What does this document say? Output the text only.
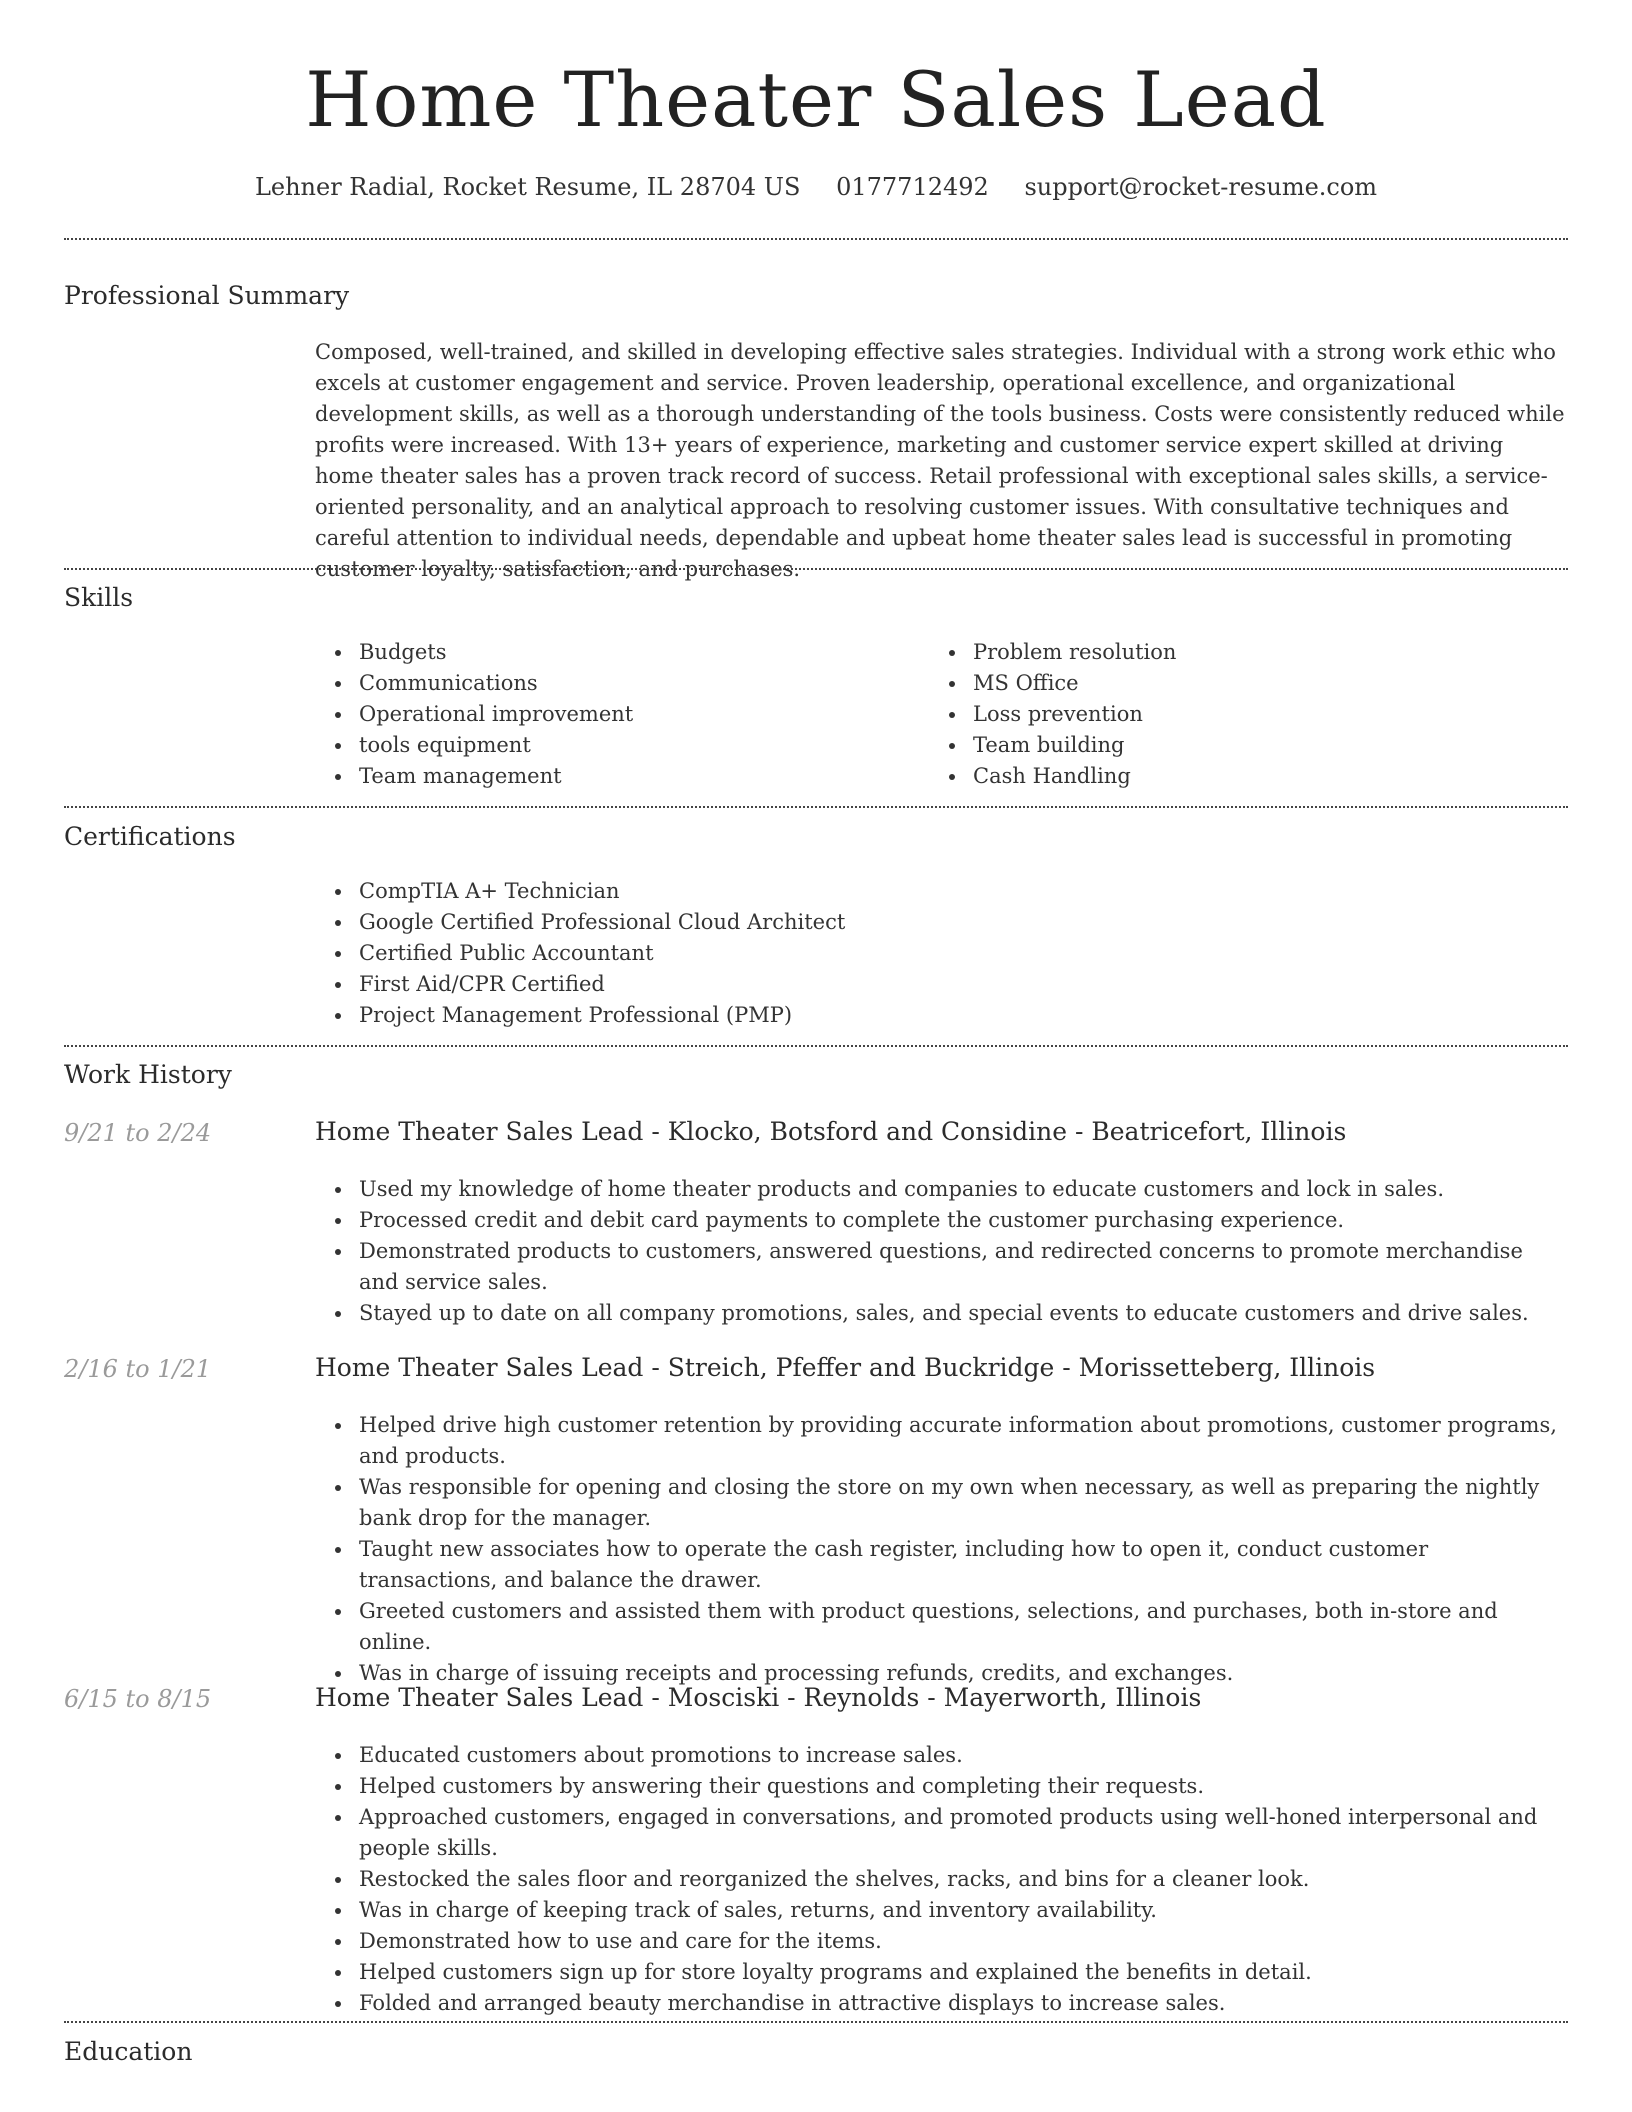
Home Theater Sales Lead
Lehner Radial, Rocket Resume, IL 28704 US 0177712492 support@rocket-resume.com
Professional Summary
Composed, well-trained, and skilled in developing effective sales strategies. Individual with a strong work ethic who excels at customer engagement and service. Proven leadership, operational excellence, and organizational development skills, as well as a thorough understanding of the tools business. Costs were consistently reduced while profits were increased. With 13+ years of experience, marketing and customer service expert skilled at driving home theater sales has a proven track record of success. Retail professional with exceptional sales skills, a service-oriented personality, and an analytical approach to resolving customer issues. With consultative techniques and careful attention to individual needs, dependable and upbeat home theater sales lead is successful in promoting customer loyalty, satisfaction, and purchases.
Skills
Budgets
Communications
Operational improvement
tools equipment
Team management
Problem resolution
MS Office
Loss prevention
Team building
Cash Handling
Certifications
CompTIA A+ Technician
Google Certified Professional Cloud Architect
Certified Public Accountant
First Aid/CPR Certified
Project Management Professional (PMP)
Work History
9/21 to 2/24	Home Theater Sales Lead - Klocko, Botsford and Considine - Beatricefort, Illinois
Used my knowledge of home theater products and companies to educate customers and lock in sales.
Processed credit and debit card payments to complete the customer purchasing experience.
Demonstrated products to customers, answered questions, and redirected concerns to promote merchandise and service sales.
Stayed up to date on all company promotions, sales, and special events to educate customers and drive sales.
2/16 to 1/21	Home Theater Sales Lead - Streich, Pfeffer and Buckridge - Morissetteberg, Illinois
Helped drive high customer retention by providing accurate information about promotions, customer programs, and products.
Was responsible for opening and closing the store on my own when necessary, as well as preparing the nightly bank drop for the manager.
Taught new associates how to operate the cash register, including how to open it, conduct customer transactions, and balance the drawer.
Greeted customers and assisted them with product questions, selections, and purchases, both in-store and online.
Was in charge of issuing receipts and processing refunds, credits, and exchanges.
6/15 to 8/15	Home Theater Sales Lead - Mosciski - Reynolds - Mayerworth, Illinois
Educated customers about promotions to increase sales.
Helped customers by answering their questions and completing their requests.
Approached customers, engaged in conversations, and promoted products using well-honed interpersonal and people skills.
Restocked the sales floor and reorganized the shelves, racks, and bins for a cleaner look.
Was in charge of keeping track of sales, returns, and inventory availability.
Demonstrated how to use and care for the items.
Helped customers sign up for store loyalty programs and explained the benefits in detail.
Folded and arranged beauty merchandise in attractive displays to increase sales.
Education
